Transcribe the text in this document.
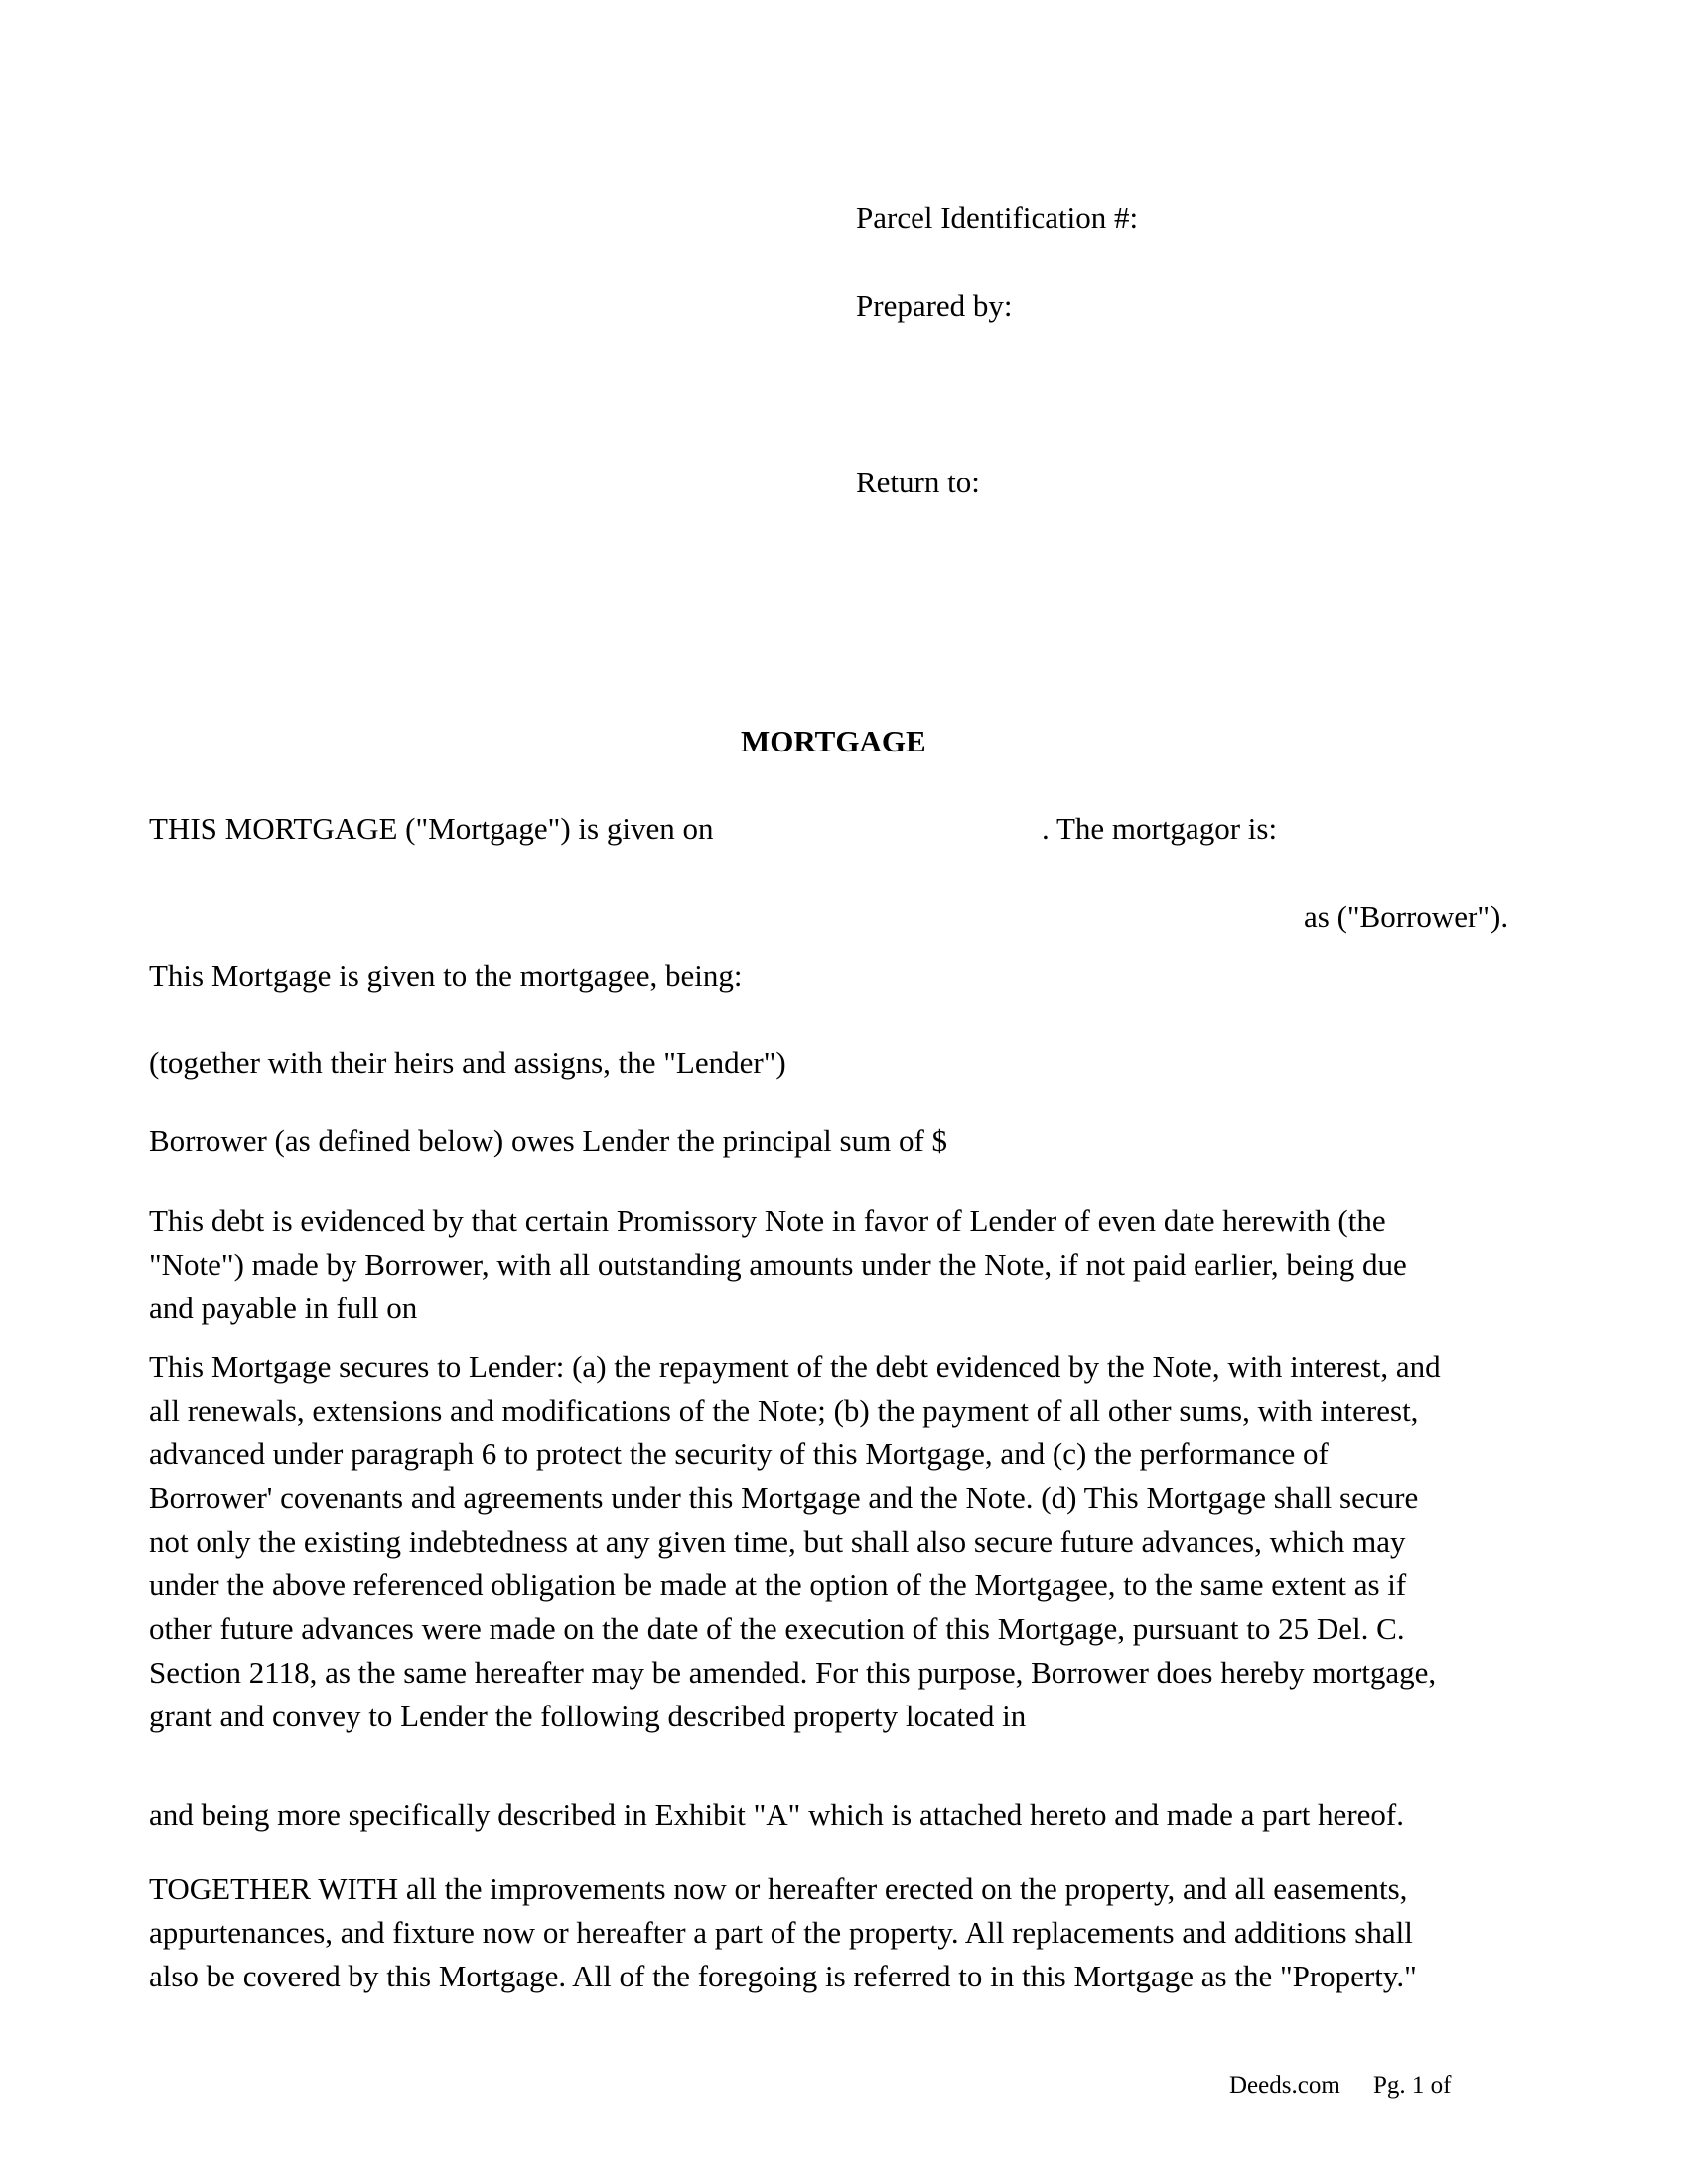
Parcel Identification #:
Prepared by:
Return to:
MORTGAGE
THIS MORTGAGE ("Mortgage") is given on	. The mortgagor is:
as ("Borrower").
This Mortgage is given to the mortgagee, being:
(together with their heirs and assigns, the "Lender")
Borrower (as defined below) owes Lender the principal sum of $
This debt is evidenced by that certain Promissory Note in favor of Lender of even date herewith (the
"Note") made by Borrower, with all outstanding amounts under the Note, if not paid earlier, being due
and payable in full on
This Mortgage secures to Lender: (a) the repayment of the debt evidenced by the Note, with interest, and
all renewals, extensions and modifications of the Note; (b) the payment of all other sums, with interest,
advanced under paragraph 6 to protect the security of this Mortgage, and (c) the performance of
Borrower' covenants and agreements under this Mortgage and the Note. (d) This Mortgage shall secure
not only the existing indebtedness at any given time, but shall also secure future advances, which may
under the above referenced obligation be made at the option of the Mortgagee, to the same extent as if
other future advances were made on the date of the execution of this Mortgage, pursuant to 25 Del. C.
Section 2118, as the same hereafter may be amended. For this purpose, Borrower does hereby mortgage,
grant and convey to Lender the following described property located in
and being more specifically described in Exhibit "A" which is attached hereto and made a part hereof.
TOGETHER WITH all the improvements now or hereafter erected on the property, and all easements,
appurtenances, and fixture now or hereafter a part of the property. All replacements and additions shall
also be covered by this Mortgage. All of the foregoing is referred to in this Mortgage as the "Property."
Deeds.com Pg. 1 of
